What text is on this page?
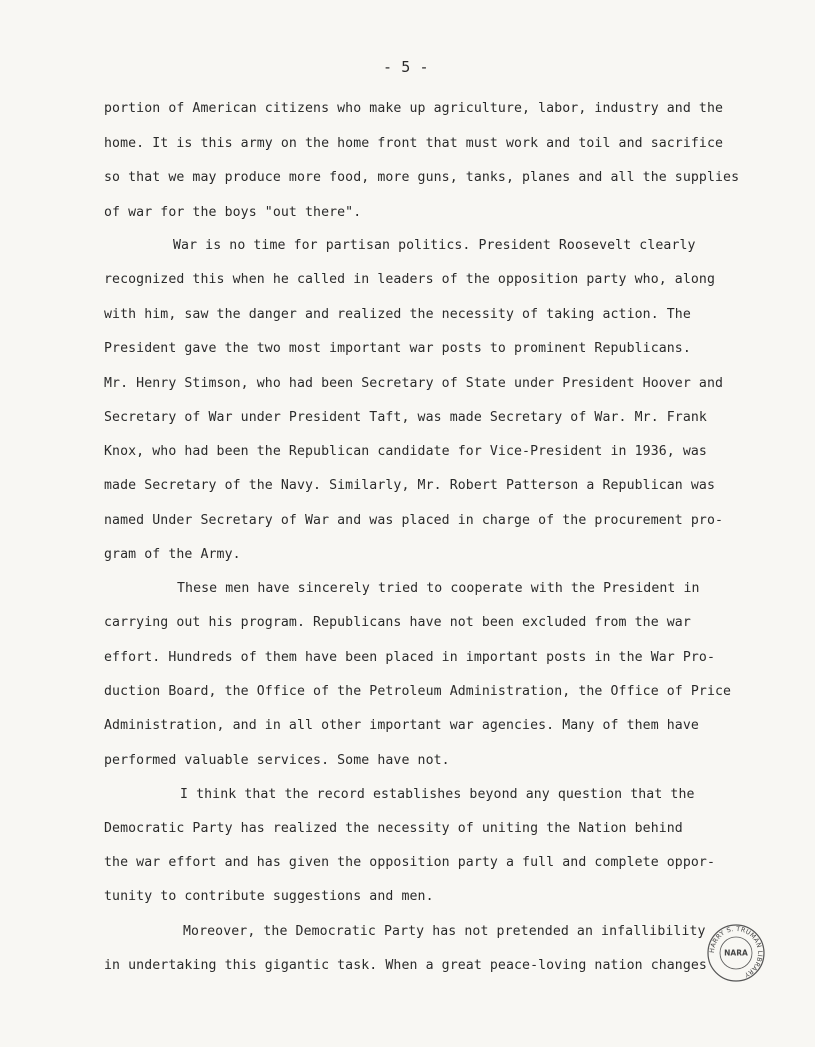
- 5 -
portion of American citizens who make up agriculture, labor, industry and the
home. It is this army on the home front that must work and toil and sacrifice
so that we may produce more food, more guns, tanks, planes and all the supplies
of war for the boys "out there".
War is no time for partisan politics. President Roosevelt clearly
recognized this when he called in leaders of the opposition party who, along
with him, saw the danger and realized the necessity of taking action. The
President gave the two most important war posts to prominent Republicans.
Mr. Henry Stimson, who had been Secretary of State under President Hoover and
Secretary of War under President Taft, was made Secretary of War. Mr. Frank
Knox, who had been the Republican candidate for Vice-President in 1936, was
made Secretary of the Navy. Similarly, Mr. Robert Patterson a Republican was
named Under Secretary of War and was placed in charge of the procurement pro-
gram of the Army.
These men have sincerely tried to cooperate with the President in
carrying out his program. Republicans have not been excluded from the war
effort. Hundreds of them have been placed in important posts in the War Pro-
duction Board, the Office of the Petroleum Administration, the Office of Price
Administration, and in all other important war agencies. Many of them have
performed valuable services. Some have not.
I think that the record establishes beyond any question that the
Democratic Party has realized the necessity of uniting the Nation behind
the war effort and has given the opposition party a full and complete oppor-
tunity to contribute suggestions and men.
Moreover, the Democratic Party has not pretended an infallibility
in undertaking this gigantic task. When a great peace-loving nation changes
HARRY S. TRUMAN LIBRARY
NARA
